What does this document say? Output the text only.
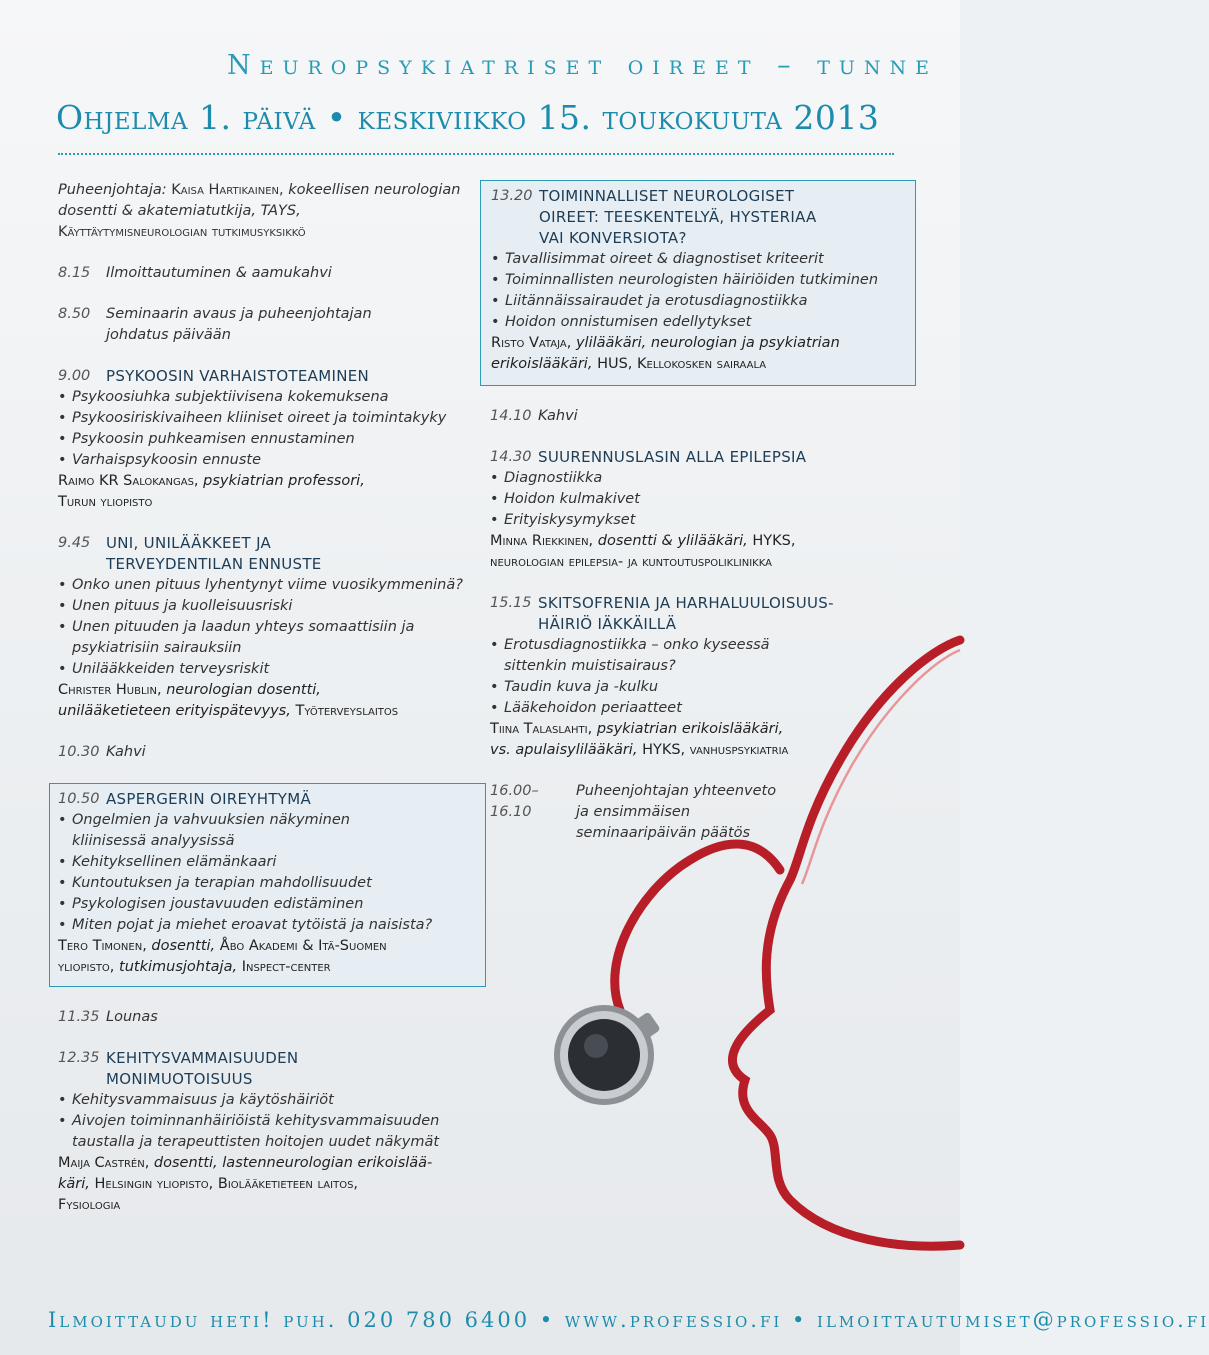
Neuropsykiatriset oireet – tunne
Ohjelma 1. päivä • keskiviikko 15. toukokuuta 2013
Puheenjohtaja: Kaisa Hartikainen, kokeellisen neurologian dosentti & akatemiatutkija, TAYS,
Käyttäytymisneurologian tutkimusyksikkö
8.15	Ilmoittautuminen & aamukahvi
8.50	Seminaarin avaus ja puheenjohtajan
johdatus päivään
9.00	PSYKOOSIN VARHAISTOTEAMINEN
• Psykoosiuhka subjektiivisena kokemuksena
• Psykoosiriskivaiheen kliiniset oireet ja toimintakyky
• Psykoosin puhkeamisen ennustaminen
• Varhaispsykoosin ennuste
Raimo KR Salokangas, psykiatrian professori,
Turun yliopisto
9.45	UNI, UNILÄÄKKEET JA
TERVEYDENTILAN ENNUSTE
• Onko unen pituus lyhentynyt viime vuosikymmeninä?
• Unen pituus ja kuolleisuusriski
• Unen pituuden ja laadun yhteys somaattisiin ja
psykiatrisiin sairauksiin
• Unilääkkeiden terveysriskit
Christer Hublin, neurologian dosentti,
unilääketieteen erityispätevyys, Työterveyslaitos
10.30 Kahvi
10.50 ASPERGERIN OIREYHTYMÄ
• Ongelmien ja vahvuuksien näkyminen
kliinisessä analyysissä
• Kehityksellinen elämänkaari
• Kuntoutuksen ja terapian mahdollisuudet
• Psykologisen joustavuuden edistäminen
• Miten pojat ja miehet eroavat tytöistä ja naisista?
Tero Timonen, dosentti, Åbo Akademi & Itä-Suomen
yliopisto, tutkimusjohtaja, Inspect-center
11.35 Lounas
12.35 KEHITYSVAMMAISUUDEN
MONIMUOTOISUUS
• Kehitysvammaisuus ja käytöshäiriöt
• Aivojen toiminnanhäiriöistä kehitysvammaisuuden
taustalla ja terapeuttisten hoitojen uudet näkymät
Maija Castrén, dosentti, lastenneurologian erikoislää-
käri, Helsingin yliopisto, Biolääketieteen laitos,
Fysiologia
13.20 TOIMINNALLISET NEUROLOGISET
OIREET: TEESKENTELYÄ, HYSTERIAA
VAI KONVERSIOTA?
• Tavallisimmat oireet & diagnostiset kriteerit
• Toiminnallisten neurologisten häiriöiden tutkiminen
• Liitännäissairaudet ja erotusdiagnostiikka
• Hoidon onnistumisen edellytykset
Risto Vataja, ylilääkäri, neurologian ja psykiatrian
erikoislääkäri, HUS, Kellokosken sairaala
14.10 Kahvi
14.30 SUURENNUSLASIN ALLA EPILEPSIA
• Diagnostiikka
• Hoidon kulmakivet
• Erityiskysymykset
Minna Riekkinen, dosentti & ylilääkäri, HYKS,
neurologian epilepsia- ja kuntoutuspoliklinikka
15.15 SKITSOFRENIA JA HARHALUULOISUUS-
HÄIRIÖ IÄKKÄILLÄ
• Erotusdiagnostiikka – onko kyseessä
sittenkin muistisairaus?
• Taudin kuva ja -kulku
• Lääkehoidon periaatteet
Tiina Talaslahti, psykiatrian erikoislääkäri,
vs. apulaisylilääkäri, HYKS, vanhuspsykiatria
16.00–16.10
Puheenjohtajan yhteenveto
ja ensimmäisen
seminaaripäivän päätös
Ilmoittaudu heti! puh. 020 780 6400 • www.professio.fi • ilmoittautumiset@professio.fi
